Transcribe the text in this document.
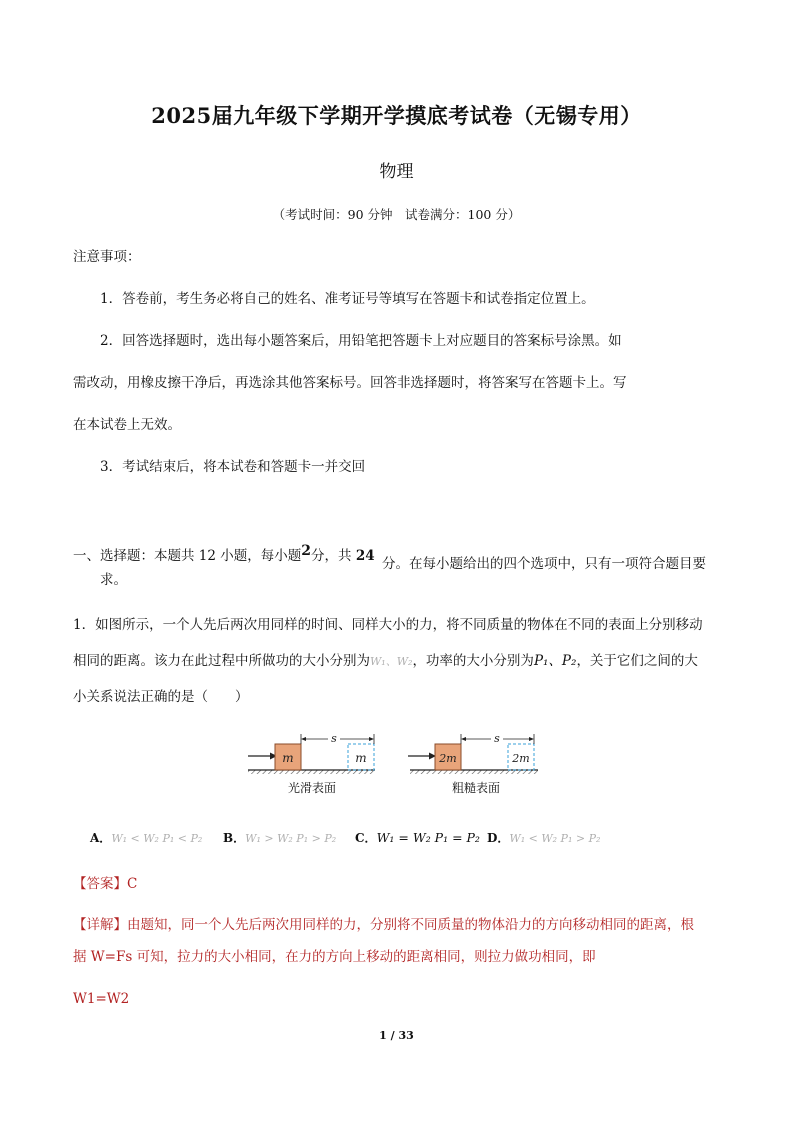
2025届九年级下学期开学摸底考试卷（无锡专用）
物理
（考试时间：90 分钟　试卷满分：100 分）
注意事项：
1．答卷前，考生务必将自己的姓名、准考证号等填写在答题卡和试卷指定位置上。
2．回答选择题时，选出每小题答案后，用铅笔把答题卡上对应题目的答案标号涂黑。如
需改动，用橡皮擦干净后，再选涂其他答案标号。回答非选择题时，将答案写在答题卡上。写
在本试卷上无效。
3．考试结束后，将本试卷和答题卡一并交回
一、选择题：本题共 12 小题，每小题2分，共 24 分。在每小题给出的四个选项中，只有一项符合题目要
求。
1．如图所示，一个人先后两次用同样的时间、同样大小的力，将不同质量的物体在不同的表面上分别移动
相同的距离。该力在此过程中所做功的大小分别为W₁、W₂，功率的大小分别为P₁、P₂，关于它们之间的大
小关系说法正确的是（　　）
m	m
s
光滑表面
2m	2m
s
粗糙表面
A．W₁ < W₂ P₁ < P₂ B．W₁ > W₂ P₁ > P₂ C．W₁ = W₂ P₁ = P₂ D．W₁ < W₂ P₁ > P₂
【答案】C
【详解】由题知，同一个人先后两次用同样的力，分别将不同质量的物体沿力的方向移动相同的距离，根
据 W=Fs 可知，拉力的大小相同，在力的方向上移动的距离相同，则拉力做功相同，即
W1=W2
1 / 33
